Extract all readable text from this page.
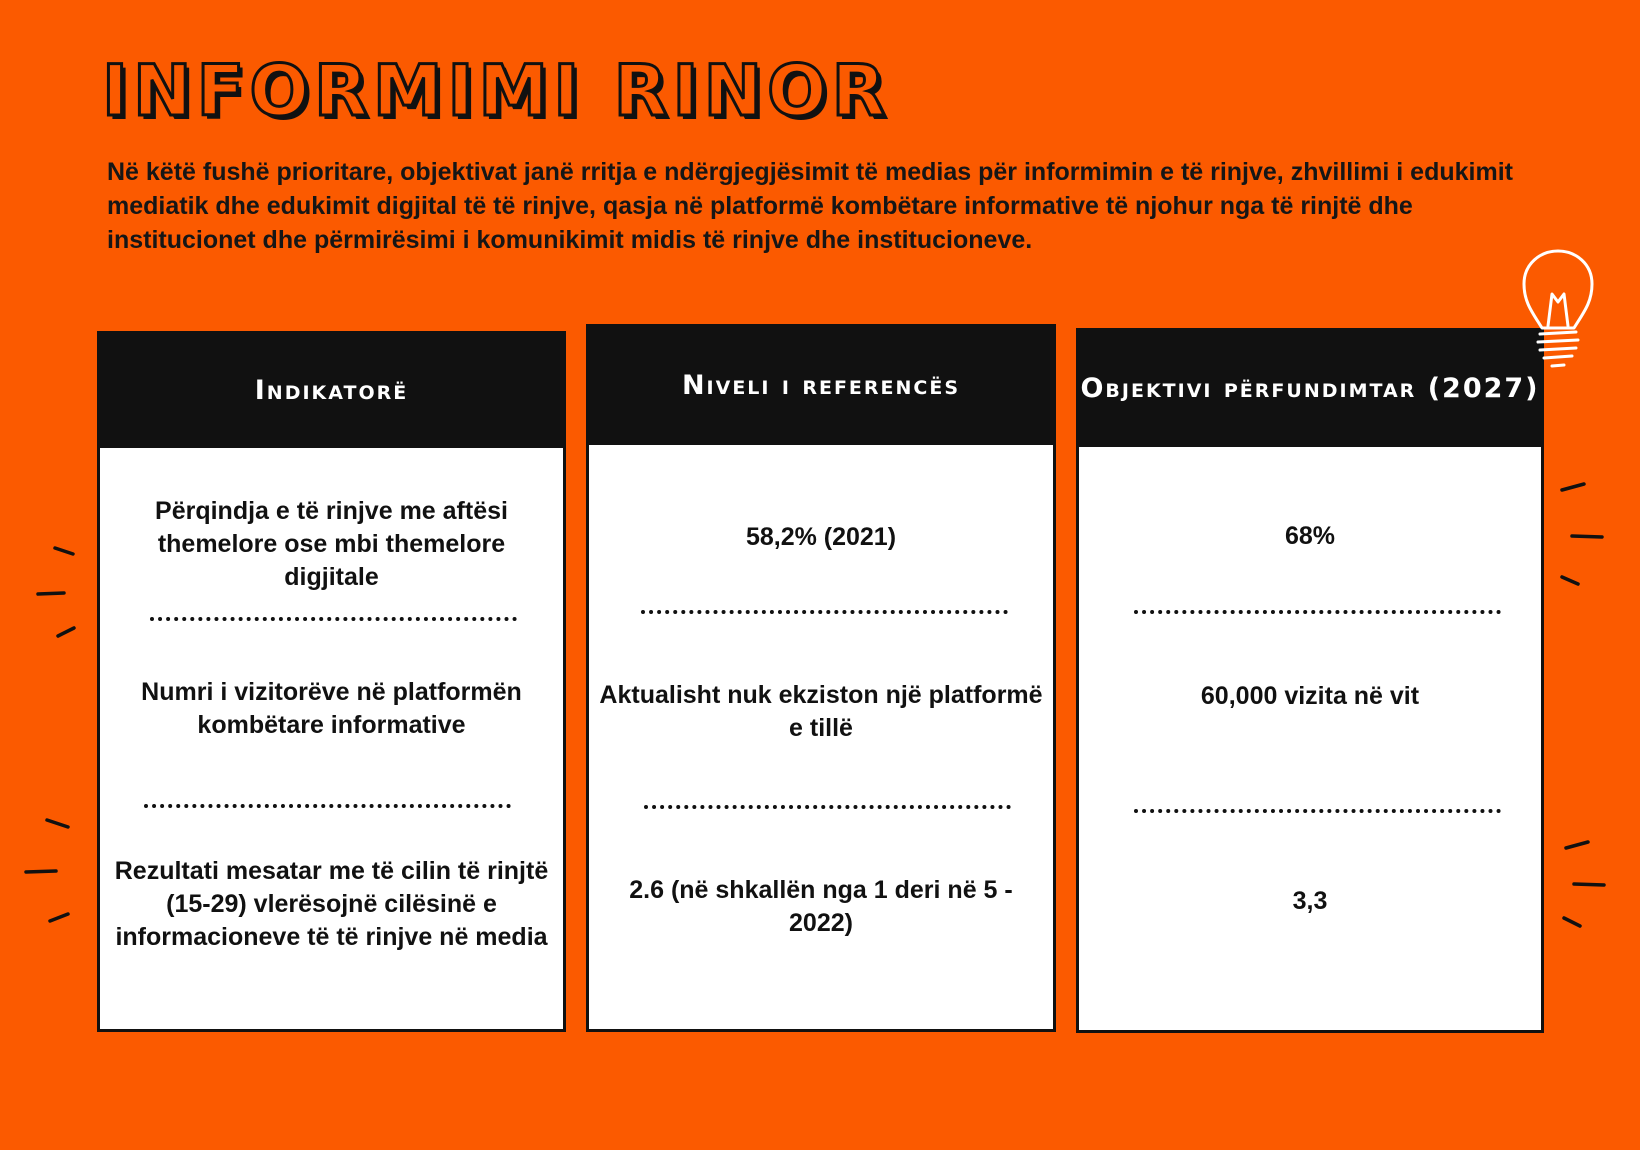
INFORMIMI RINOR

Në këtë fushë prioritare, objektivat janë rritja e ndërgjegjësimit të medias për informimin e të rinjve, zhvillimi i edukimit mediatik dhe edukimit digjital të të rinjve, qasja në platformë kombëtare informative të njohur nga të rinjtë dhe institucionet dhe përmirësimi i komunikimit midis të rinjve dhe institucioneve.

Indikatorë
Përqindja e të rinjve me aftësi themelore ose mbi themelore digjitale
Numri i vizitorëve në platformën kombëtare informative
Rezultati mesatar me të cilin të rinjtë (15-29) vlerësojnë cilësinë e informacioneve të të rinjve në media
Niveli i referencës
58,2% (2021)
Aktualisht nuk ekziston një platformë e tillë
2.6 (në shkallën nga 1 deri në 5 - 2022)
Objektivi përfundimtar (2027)
68%
60,000 vizita në vit
3,3
